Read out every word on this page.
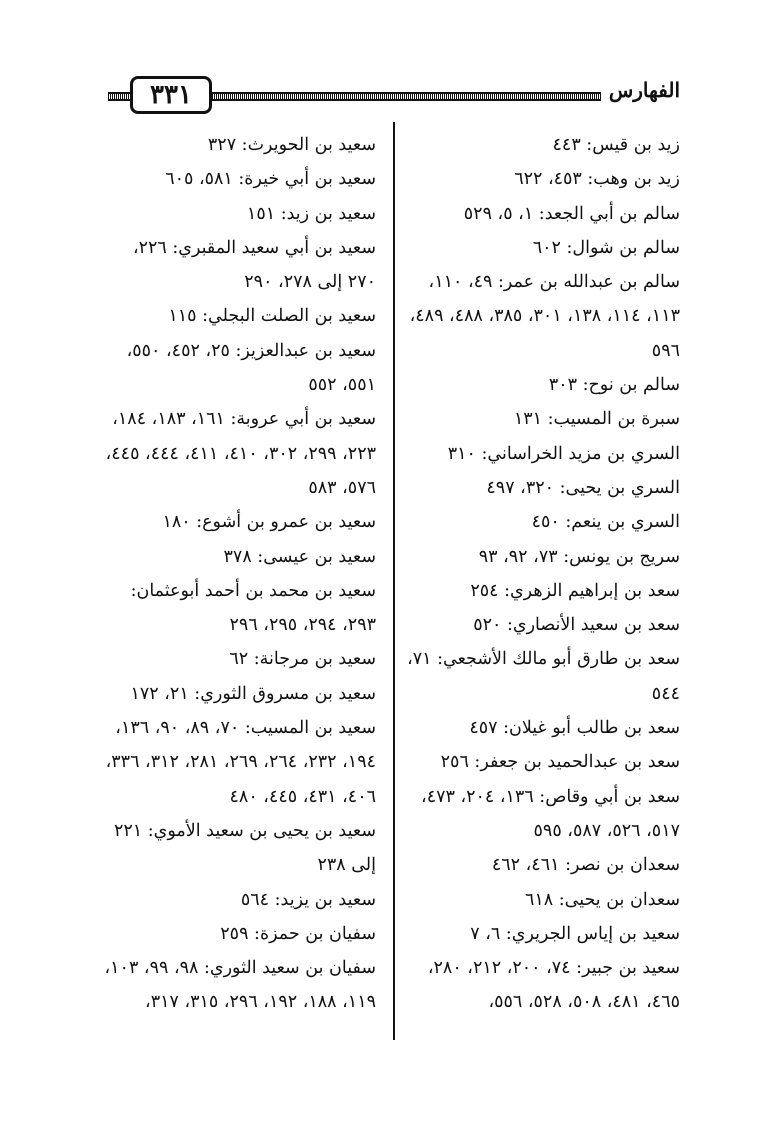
٣٣١	الفهارس

زيد بن قيس: ٤٤٣

زيد بن وهب: ٤٥٣، ٦٢٢

سالم بن أبي الجعد: ١، ٥، ٥٢٩

سالم بن شوال: ٦٠٢

سالم بن عبدالله بن عمر: ٤٩، ١١٠، ١١٣، ١١٤، ١٣٨، ٣٠١، ٣٨٥، ٤٨٨، ٤٨٩، ٥٩٦

سالم بن نوح: ٣٠٣

سبرة بن المسيب: ١٣١

السري بن مزيد الخراساني: ٣١٠

السري بن يحيى: ٣٢٠، ٤٩٧

السري بن ينعم: ٤٥٠

سريج بن يونس: ٧٣، ٩٢، ٩٣

سعد بن إبراهيم الزهري: ٢٥٤

سعد بن سعيد الأنصاري: ٥٢٠

سعد بن طارق أبو مالك الأشجعي: ٧١، ٥٤٤

سعد بن طالب أبو غيلان: ٤٥٧

سعد بن عبدالحميد بن جعفر: ٢٥٦

سعد بن أبي وقاص: ١٣٦، ٢٠٤، ٤٧٣، ٥١٧، ٥٢٦، ٥٨٧، ٥٩٥

سعدان بن نصر: ٤٦١، ٤٦٢

سعدان بن يحيى: ٦١٨

سعيد بن إياس الجريري: ٦، ٧

سعيد بن جبير: ٧٤، ٢٠٠، ٢١٢، ٢٨٠، ٤٦٥، ٤٨١، ٥٠٨، ٥٢٨، ٥٥٦،

سعيد بن الحويرث: ٣٢٧

سعيد بن أبي خيرة: ٥٨١، ٦٠٥

سعيد بن زيد: ١٥١

سعيد بن أبي سعيد المقبري: ٢٢٦، ٢٧٠ إلى ٢٧٨، ٢٩٠

سعيد بن الصلت البجلي: ١١٥

سعيد بن عبدالعزيز: ٢٥، ٤٥٢، ٥٥٠، ٥٥١، ٥٥٢

سعيد بن أبي عروبة: ١٦١، ١٨٣، ١٨٤، ٢٢٣، ٢٩٩، ٣٠٢، ٤١٠، ٤١١، ٤٤٤، ٤٤٥، ٥٧٦، ٥٨٣

سعيد بن عمرو بن أشوع: ١٨٠

سعيد بن عيسى: ٣٧٨

سعيد بن محمد بن أحمد أبوعثمان: ٢٩٣، ٢٩٤، ٢٩٥، ٢٩٦

سعيد بن مرجانة: ٦٢

سعيد بن مسروق الثوري: ٢١، ١٧٢

سعيد بن المسيب: ٧٠، ٨٩، ٩٠، ١٣٦، ١٩٤، ٢٣٢، ٢٦٤، ٢٦٩، ٢٨١، ٣١٢، ٣٣٦، ٤٠٦، ٤٣١، ٤٤٥، ٤٨٠

سعيد بن يحيى بن سعيد الأموي: ٢٢١ إلى ٢٣٨

سعيد بن يزيد: ٥٦٤

سفيان بن حمزة: ٢٥٩

سفيان بن سعيد الثوري: ٩٨، ٩٩، ١٠٣، ١١٩، ١٨٨، ١٩٢، ٢٩٦، ٣١٥، ٣١٧،
